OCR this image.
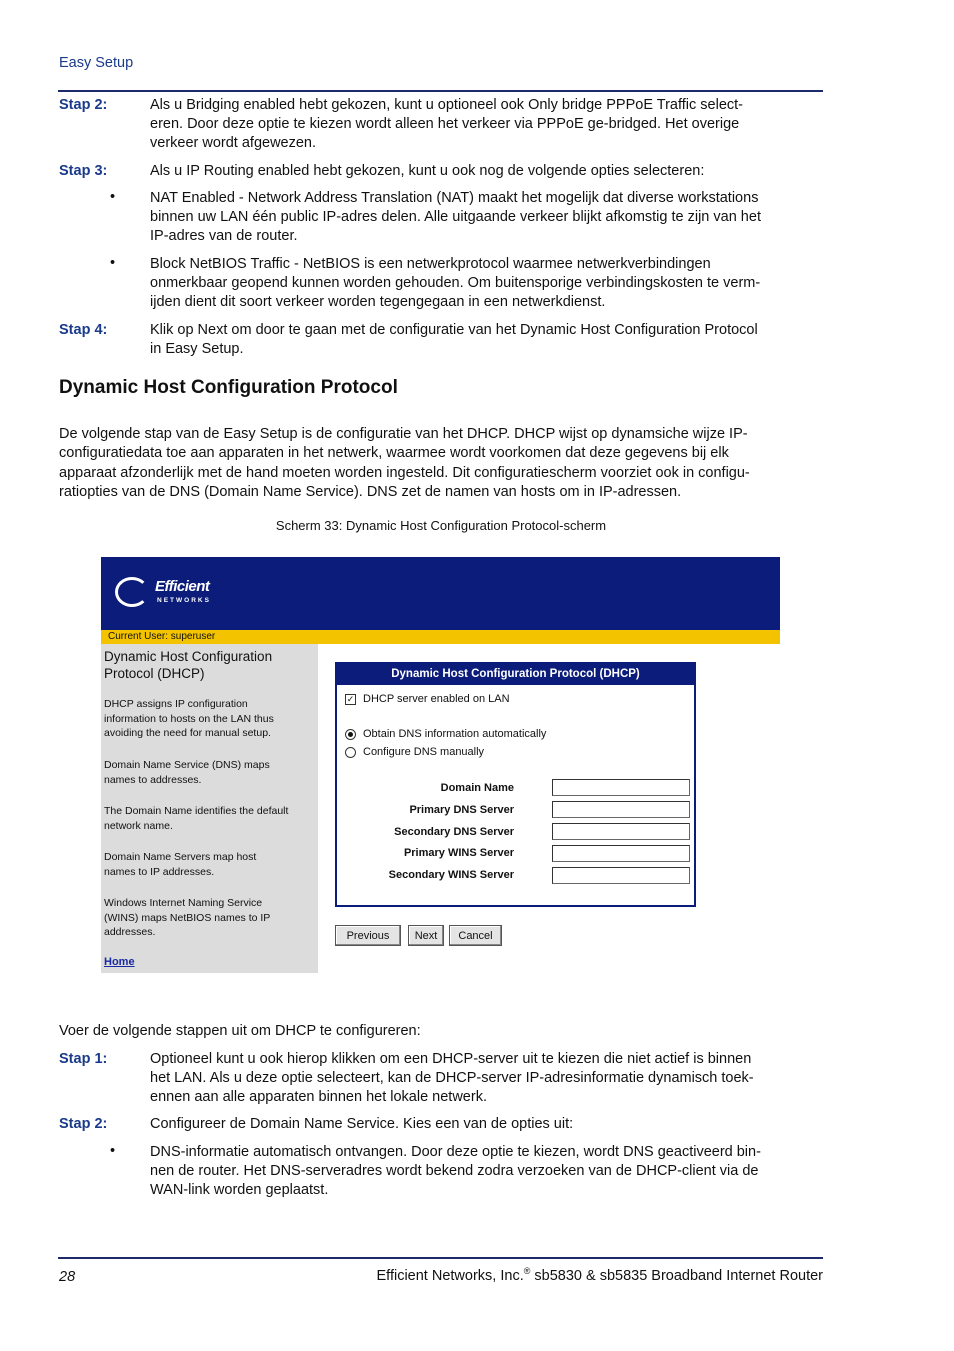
Easy Setup
Stap 2:	Als u Bridging enabled hebt gekozen, kunt u optioneel ook Only bridge PPPoE Traffic select-
eren. Door deze optie te kiezen wordt alleen het verkeer via PPPoE ge-bridged. Het overige
verkeer wordt afgewezen.
Stap 3:	Als u IP Routing enabled hebt gekozen, kunt u ook nog de volgende opties selecteren:
• NAT Enabled - Network Address Translation (NAT) maakt het mogelijk dat diverse workstations
binnen uw LAN één public IP-adres delen. Alle uitgaande verkeer blijkt afkomstig te zijn van het
IP-adres van de router.
• Block NetBIOS Traffic - NetBIOS is een netwerkprotocol waarmee netwerkverbindingen
onmerkbaar geopend kunnen worden gehouden. Om buitensporige verbindingskosten te verm-
ijden dient dit soort verkeer worden tegengegaan in een netwerkdienst.
Stap 4:	Klik op Next om door te gaan met de configuratie van het Dynamic Host Configuration Protocol
in Easy Setup.
Dynamic Host Configuration Protocol
De volgende stap van de Easy Setup is de configuratie van het DHCP. DHCP wijst op dynamsiche wijze IP-
configuratiedata toe aan apparaten in het netwerk, waarmee wordt voorkomen dat deze gegevens bij elk
apparaat afzonderlijk met de hand moeten worden ingesteld. Dit configuratiescherm voorziet ook in configu-
ratiopties van de DNS (Domain Name Service). DNS zet de namen van hosts om in IP-adressen.
Scherm 33: Dynamic Host Configuration Protocol-scherm
Efficient
NETWORKS
Current User: superuser
Dynamic Host Configuration
Protocol (DHCP)
DHCP assigns IP configuration
information to hosts on the LAN thus
avoiding the need for manual setup.
Domain Name Service (DNS) maps
names to addresses.
The Domain Name identifies the default
network name.
Domain Name Servers map host
names to IP addresses.
Windows Internet Naming Service
(WINS) maps NetBIOS names to IP
addresses.
Home
Dynamic Host Configuration Protocol (DHCP)
✓ DHCP server enabled on LAN
Obtain DNS information automatically
Configure DNS manually
Domain Name
Primary DNS Server
Secondary DNS Server
Primary WINS Server
Secondary WINS Server
Previous	Next	Cancel
Voer de volgende stappen uit om DHCP te configureren:
Stap 1:	Optioneel kunt u ook hierop klikken om een DHCP-server uit te kiezen die niet actief is binnen
het LAN. Als u deze optie selecteert, kan de DHCP-server IP-adresinformatie dynamisch toek-
ennen aan alle apparaten binnen het lokale netwerk.
Stap 2:	Configureer de Domain Name Service. Kies een van de opties uit:
• DNS-informatie automatisch ontvangen. Door deze optie te kiezen, wordt DNS geactiveerd bin-
nen de router. Het DNS-serveradres wordt bekend zodra verzoeken van de DHCP-client via de
WAN-link worden geplaatst.
28	Efficient Networks, Inc.® sb5830 & sb5835 Broadband Internet Router
